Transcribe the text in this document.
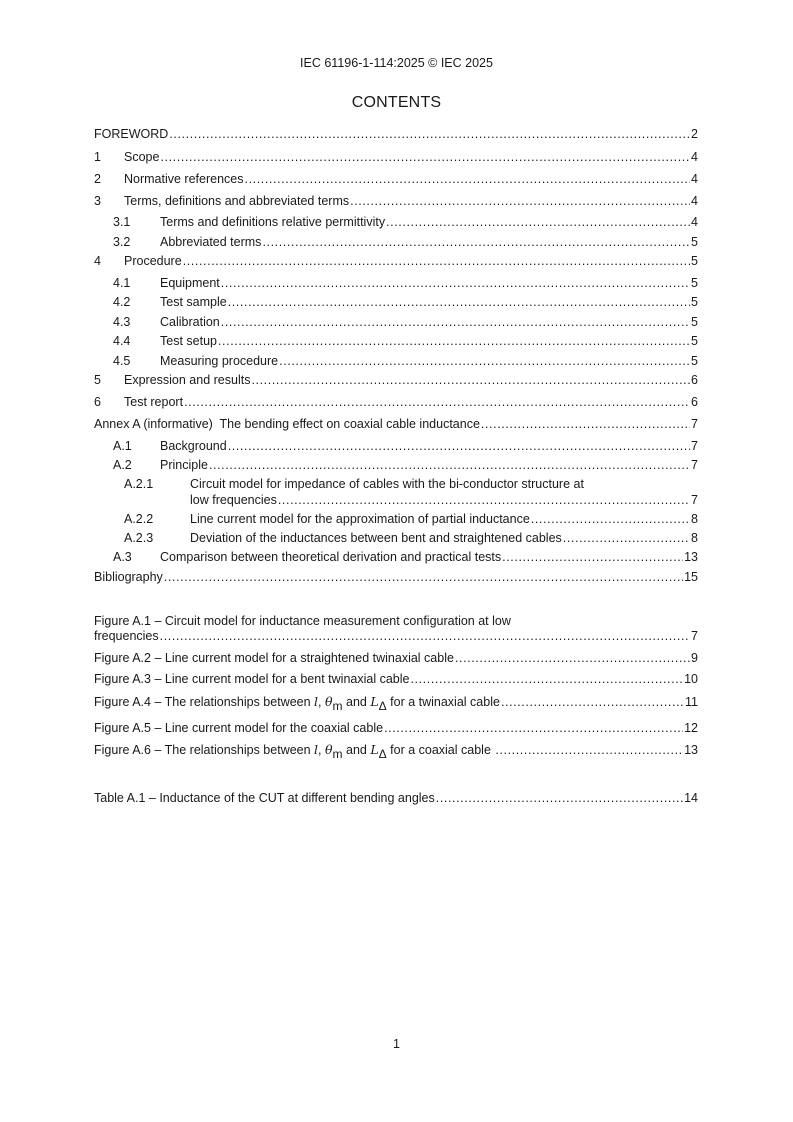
IEC 61196-1-114:2025 © IEC 2025
CONTENTS
FOREWORD .....	2
1 Scope .....	4
2 Normative references .....	4
3 Terms, definitions and abbreviated terms .....	4
3.1 Terms and definitions relative permittivity .....	4
3.2 Abbreviated terms .....	5
4 Procedure .....	5
4.1 Equipment .....	5
4.2 Test sample .....	5
4.3 Calibration .....	5
4.4 Test setup .....	5
4.5 Measuring procedure .....	5
5 Expression and results .....	6
6 Test report .....	6
Annex A (informative)  The bending effect on coaxial cable inductance .....	7
A.1 Background .....	7
A.2 Principle .....	7
A.2.1	Circuit model for impedance of cables with the bi-conductor structure at
low frequencies .....	7
A.2.2	Line current model for the approximation of partial inductance .....	8
A.2.3	Deviation of the inductances between bent and straightened cables .....	8
A.3 Comparison between theoretical derivation and practical tests .....	13
Bibliography .....	15
Figure A.1 – Circuit model for inductance measurement configuration at low
frequencies .....	7
Figure A.2 – Line current model for a straightened twinaxial cable .....	9
Figure A.3 – Line current model for a bent twinaxial cable .....	10
Figure A.4 – The relationships between l, θm and LΔ for a twinaxial cable .....	11
Figure A.5 – Line current model for the coaxial cable .....	12
Figure A.6 – The relationships between l, θm and LΔ for a coaxial cable .....	13
Table A.1 – Inductance of the CUT at different bending angles .....	14
1
